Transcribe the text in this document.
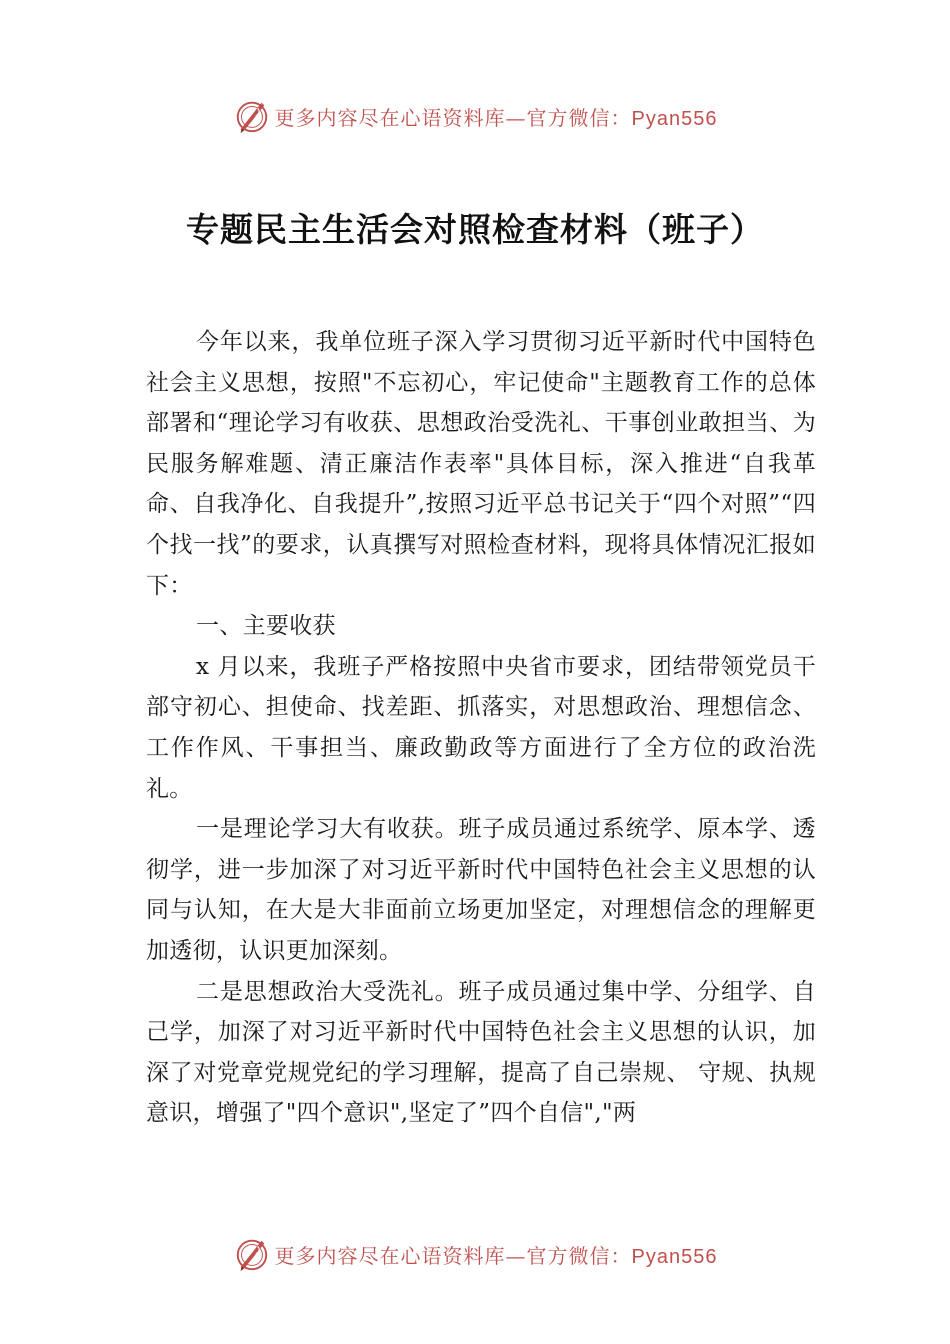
更多内容尽在心语资料库—官方微信：Pyan556
专题民主生活会对照检查材料（班子）

今年以来，我单位班子深入学习贯彻习近平新时代中国特色社会主义思想，按照"不忘初心，牢记使命"主题教育工作的总体部署和“理论学习有收获、思想政治受洗礼、干事创业敢担当、为民服务解难题、清正廉洁作表率"具体目标，深入推进“自我革命、自我净化、自我提升”,按照习近平总书记关于“四个对照”“四个找一找”的要求，认真撰写对照检查材料，现将具体情况汇报如下：

一、主要收获

x 月以来，我班子严格按照中央省市要求，团结带领党员干部守初心、担使命、找差距、抓落实，对思想政治、理想信念、工作作风、干事担当、廉政勤政等方面进行了全方位的政治洗礼。

一是理论学习大有收获。班子成员通过系统学、原本学、透彻学，进一步加深了对习近平新时代中国特色社会主义思想的认同与认知，在大是大非面前立场更加坚定，对理想信念的理解更加透彻，认识更加深刻。

二是思想政治大受洗礼。班子成员通过集中学、分组学、自己学，加深了对习近平新时代中国特色社会主义思想的认识，加深了对党章党规党纪的学习理解，提高了自己崇规、 守规、执规意识，增强了"四个意识",坚定了”四个自信","两

更多内容尽在心语资料库—官方微信：Pyan556
